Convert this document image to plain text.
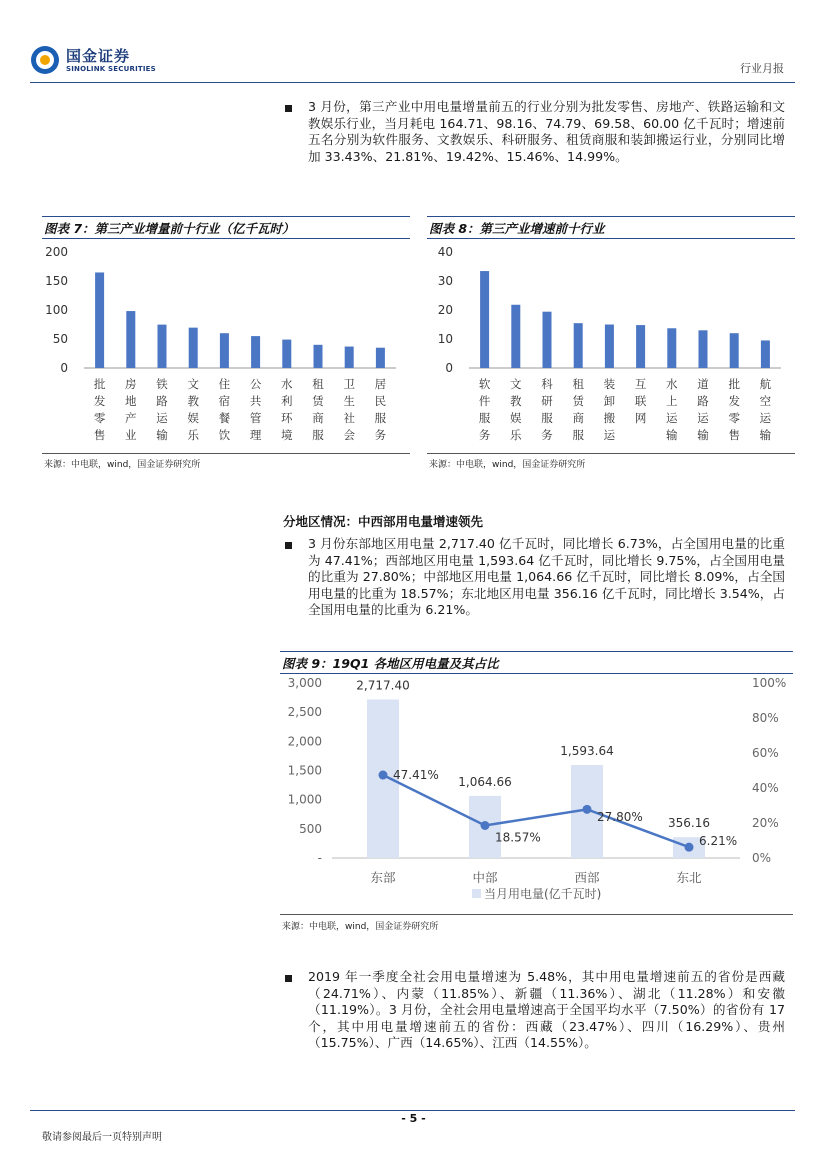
国金证券
SINOLINK SECURITIES	行业月报
3 月份，第三产业中用电量增量前五的行业分别为批发零售、房地产、铁路运输和文教娱乐行业，当月耗电 164.71、98.16、74.79、69.58、60.00 亿千瓦时；增速前五名分别为软件服务、文教娱乐、科研服务、租赁商服和装卸搬运行业，分别同比增加 33.43%、21.81%、19.42%、15.46%、14.99%。
图表 7：第三产业增量前十行业（亿千瓦时）
0
50
100
150
200
批发零售
房地产业
铁路运输
文教娱乐
住宿餐饮
公共管理
水利环境
租赁商服
卫生社会
居民服务
来源：中电联，wind，国金证券研究所
图表 8：第三产业增速前十行业
0
10
20
30
40
软件服务
文教娱乐
科研服务
租赁商服
装卸搬运
互联网
水上运输
道路运输
批发零售
航空运输
来源：中电联，wind，国金证券研究所
分地区情况：中西部用电量增速领先
3 月份东部地区用电量 2,717.40 亿千瓦时，同比增长 6.73%，占全国用电量的比重为 47.41%；西部地区用电量 1,593.64 亿千瓦时，同比增长 9.75%，占全国用电量的比重为 27.80%；中部地区用电量 1,064.66 亿千瓦时，同比增长 8.09%，占全国用电量的比重为 18.57%；东北地区用电量 356.16 亿千瓦时，同比增长 3.54%，占全国用电量的比重为 6.21%。
图表 9：19Q1 各地区用电量及其占比
-
500
1,000
1,500
2,000
2,500
3,000
0%
20%
40%
60%
80%
100%
2,717.40
东部
1,064.66
中部
1,593.64
西部
356.16
东北
47.41%
18.57%
27.80%
6.21%
当月用电量(亿千瓦时)
来源：中电联，wind，国金证券研究所
2019 年一季度全社会用电量增速为 5.48%，其中用电量增速前五的省份是西藏（24.71%）、内蒙（11.85%）、新疆（11.36%）、湖北（11.28%）和安徽（11.19%）。3 月份，全社会用电量增速高于全国平均水平（7.50%）的省份有 17 个，其中用电量增速前五的省份：西藏（23.47%）、四川（16.29%）、贵州（15.75%）、广西（14.65%）、江西（14.55%）。
- 5 -
敬请参阅最后一页特别声明
